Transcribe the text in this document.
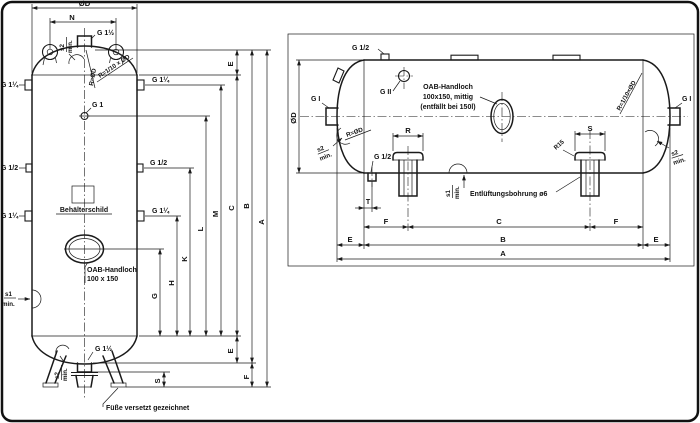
G 1½
R=ØD R=1/10 × ØD
s2 min.
ØD
N
G 1¼
G 1/2
G 1¼
G 1¼
G 1/2
G 1¼
G 1
Behälterschild
OAB-Handloch
100 x 150
s1
min.
G 1½
s2 min.
Füße versetzt gezeichnet
A
B
C
E
E
F
M
L
K
H
G
S
ØD
G 1/2
G II
G I	G I
OAB-Handloch
100x150, mittig
(entfällt bei 150l)
R=ØD
s2
min.
R=1/10×ØD
s2
min.
s1 min.
R	S
R15
G 1/2
Entlüftungsbohrung ø6
T
F	C	F
E	B	E
A
